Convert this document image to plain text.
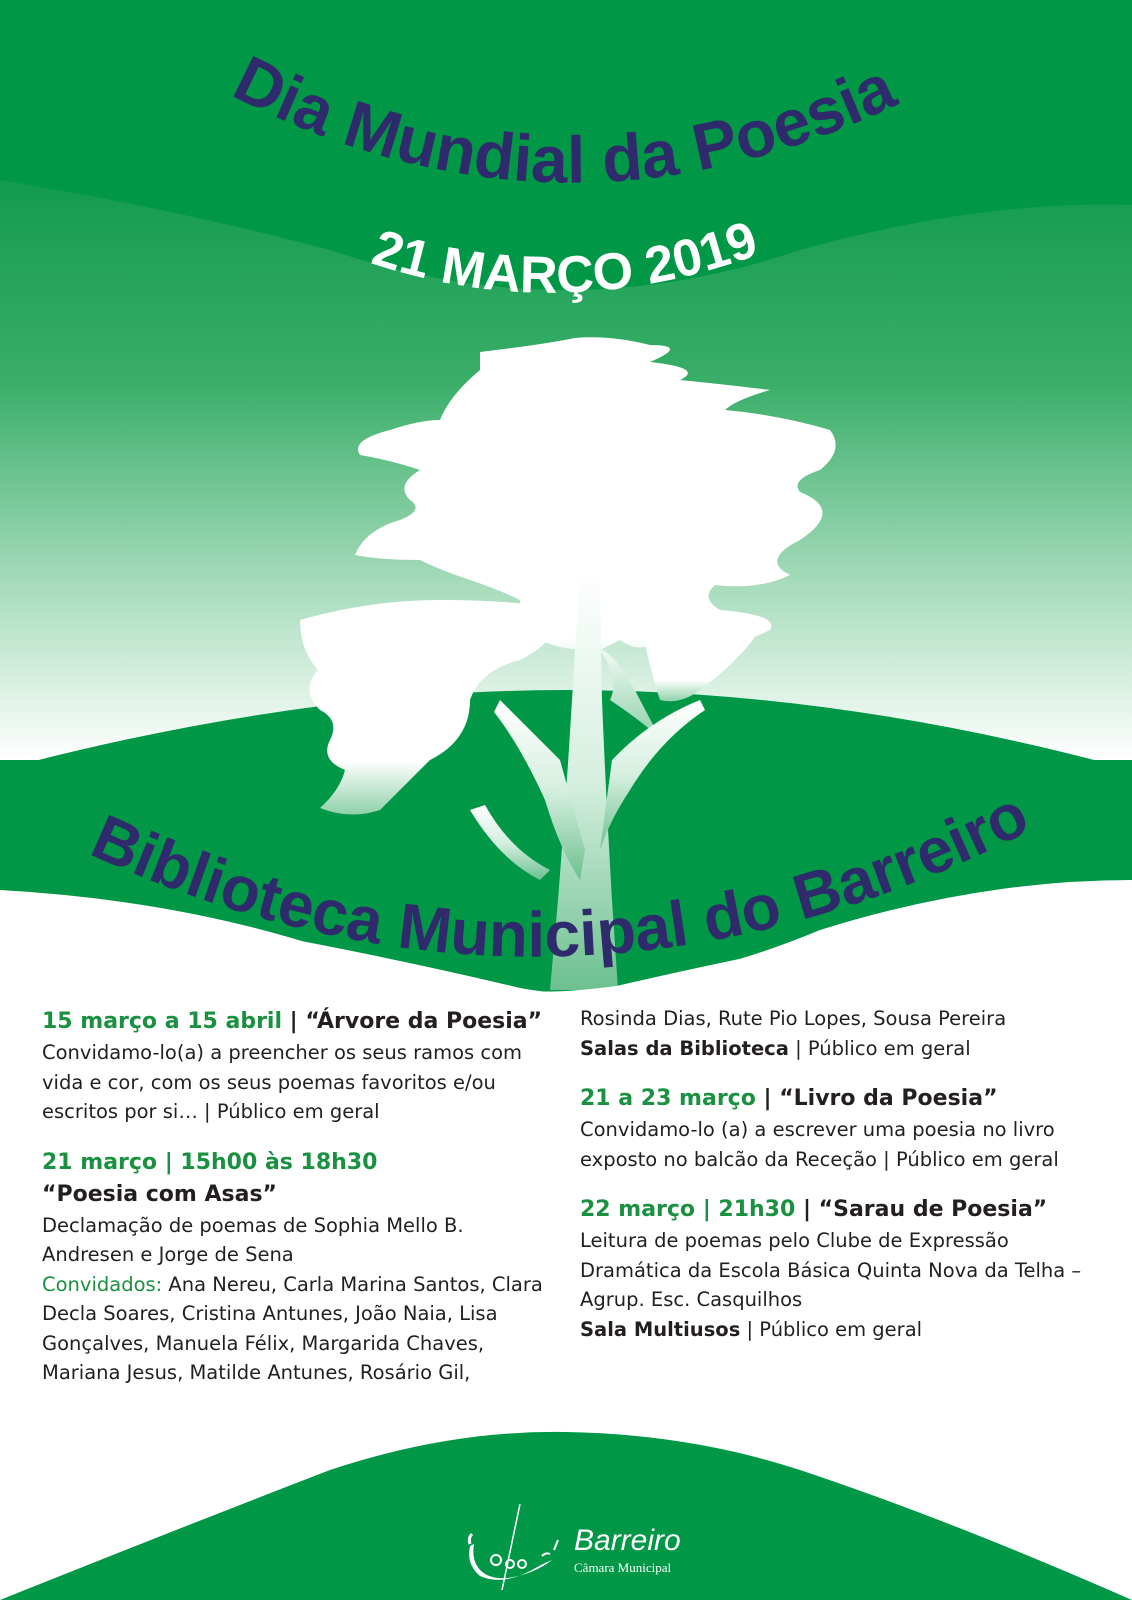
Dia Mundial da Poesia
21 MARÇO 2019
Biblioteca Municipal do Barreiro

15 março a 15 abril | “Árvore da Poesia”

Convidamo-lo(a) a preencher os seus ramos com

vida e cor, com os seus poemas favoritos e/ou

escritos por si… | Público em geral

21 março | 15h00 às 18h30

“Poesia com Asas”

Declamação de poemas de Sophia Mello B.

Andresen e Jorge de Sena

Convidados: Ana Nereu, Carla Marina Santos, Clara

Decla Soares, Cristina Antunes, João Naia, Lisa

Gonçalves, Manuela Félix, Margarida Chaves,

Mariana Jesus, Matilde Antunes, Rosário Gil,

Rosinda Dias, Rute Pio Lopes, Sousa Pereira

Salas da Biblioteca | Público em geral

21 a 23 março | “Livro da Poesia”

Convidamo-lo (a) a escrever uma poesia no livro

exposto no balcão da Receção | Público em geral

22 março | 21h30 | “Sarau de Poesia”

Leitura de poemas pelo Clube de Expressão

Dramática da Escola Básica Quinta Nova da Telha –

Agrup. Esc. Casquilhos

Sala Multiusos | Público em geral

Barreiro
Câmara Municipal
